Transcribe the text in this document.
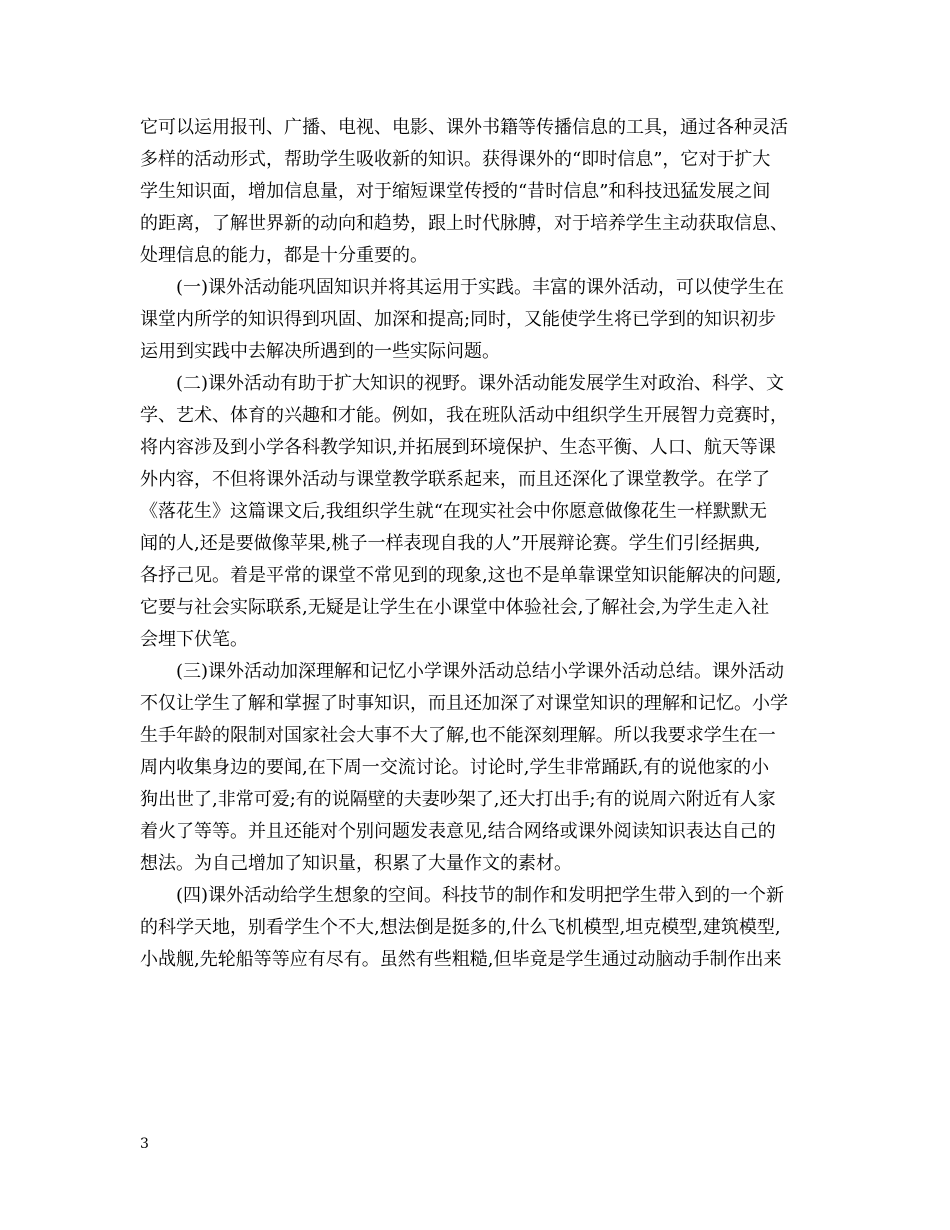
它可以运用报刊、广播、电视、电影、课外书籍等传播信息的工具，通过各种灵活
多样的活动形式，帮助学生吸收新的知识。获得课外的“即时信息”，它对于扩大
学生知识面，增加信息量，对于缩短课堂传授的“昔时信息”和科技迅猛发展之间
的距离，了解世界新的动向和趋势，跟上时代脉膊，对于培养学生主动获取信息、
处理信息的能力，都是十分重要的。
(一)课外活动能巩固知识并将其运用于实践。丰富的课外活动，可以使学生在
课堂内所学的知识得到巩固、加深和提高;同时，又能使学生将已学到的知识初步
运用到实践中去解决所遇到的一些实际问题。
(二)课外活动有助于扩大知识的视野。课外活动能发展学生对政治、科学、文
学、艺术、体育的兴趣和才能。例如，我在班队活动中组织学生开展智力竞赛时，
将内容涉及到小学各科教学知识,并拓展到环境保护、生态平衡、人口、航天等课
外内容，不但将课外活动与课堂教学联系起来，而且还深化了课堂教学。在学了
《落花生》这篇课文后,我组织学生就“在现实社会中你愿意做像花生一样默默无
闻的人,还是要做像苹果,桃子一样表现自我的人”开展辩论赛。学生们引经据典,
各抒己见。着是平常的课堂不常见到的现象,这也不是单靠课堂知识能解决的问题,
它要与社会实际联系,无疑是让学生在小课堂中体验社会,了解社会,为学生走入社
会埋下伏笔。
(三)课外活动加深理解和记忆小学课外活动总结小学课外活动总结。课外活动
不仅让学生了解和掌握了时事知识，而且还加深了对课堂知识的理解和记忆。小学
生手年龄的限制对国家社会大事不大了解,也不能深刻理解。所以我要求学生在一
周内收集身边的要闻,在下周一交流讨论。讨论时,学生非常踊跃,有的说他家的小
狗出世了,非常可爱;有的说隔壁的夫妻吵架了,还大打出手;有的说周六附近有人家
着火了等等。并且还能对个别问题发表意见,结合网络或课外阅读知识表达自己的
想法。为自己增加了知识量，积累了大量作文的素材。
(四)课外活动给学生想象的空间。科技节的制作和发明把学生带入到的一个新
的科学天地，别看学生个不大,想法倒是挺多的,什么飞机模型,坦克模型,建筑模型,
小战舰,先轮船等等应有尽有。虽然有些粗糙,但毕竟是学生通过动脑动手制作出来
3
